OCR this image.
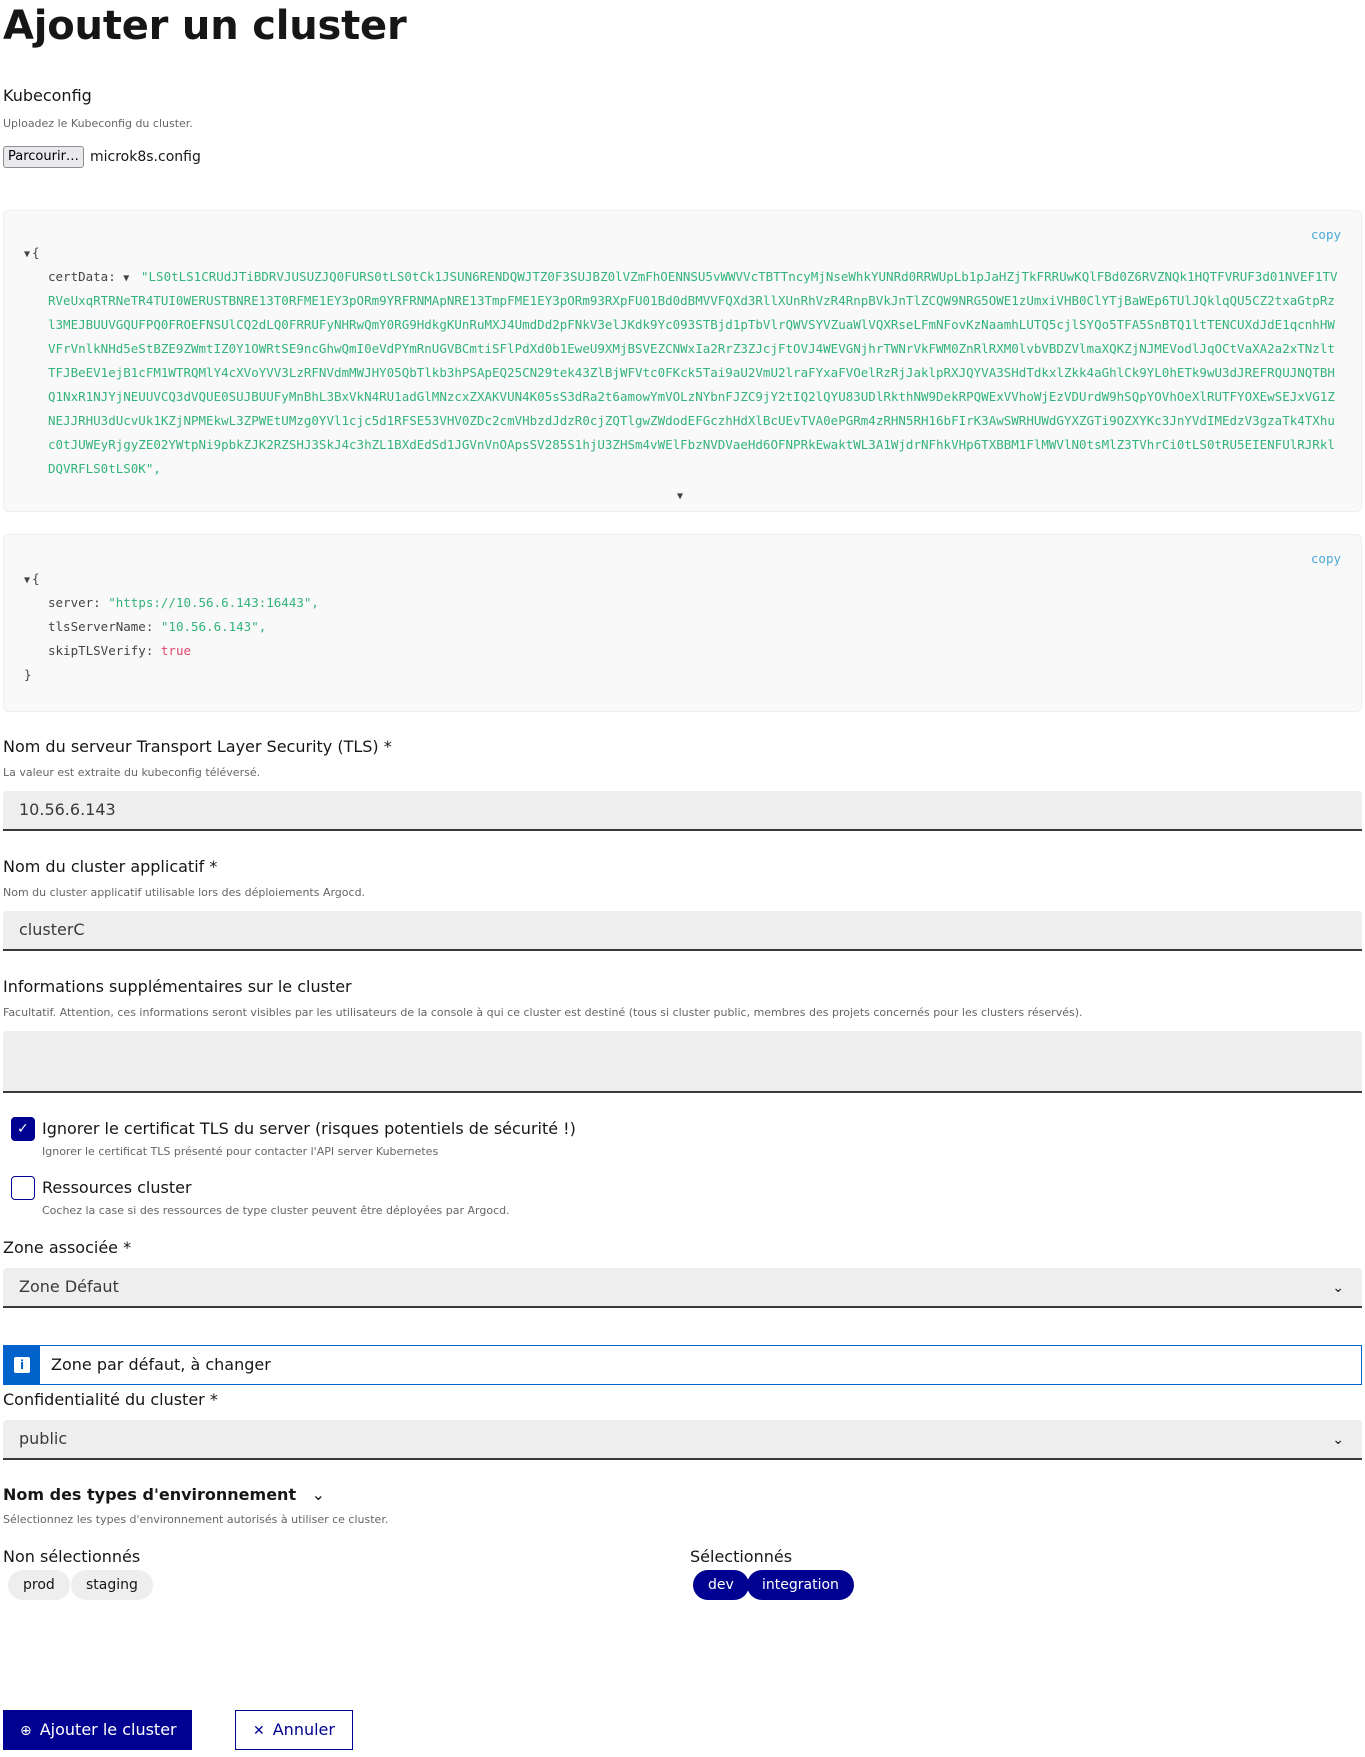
Ajouter un cluster
Kubeconfig
Uploadez le Kubeconfig du cluster.
Parcourir… microk8s.config
copy
▼ {
certData: ▼ "LS0tLS1CRUdJTiBDRVJUSUZJQ0FURS0tLS0tCk1JSUN6RENDQWJTZ0F3SUJBZ0lVZmFhOENNSU5vWWVVcTBTTncyMjNseWhkYUNRd0RRWUpLb1pJaHZjTkFRRUwKQlFBd0Z6RVZNQk1HQTFVRUF3d01NVEF1TVRVeUxqRTRNeTR4TUI0WERUSTBNRE13T0RFME1EY3pORm9YRFRNMApNRE13TmpFME1EY3pORm93RXpFU01Bd0dBMVVFQXd3RllXUnRhVzR4RnpBVkJnTlZCQW9NRG5OWE1zUmxiVHB0ClYTjBaWEp6TUlJQklqQU5CZ2txaGtpRzl3MEJBUUVGQUFPQ0FROEFNSUlCQ2dLQ0FRRUFyNHRwQmY0RG9HdkgKUnRuMXJ4UmdDd2pFNkV3elJKdk9Yc093STBjd1pTbVlrQWVSYVZuaWlVQXRseLFmNFovKzNaamhLUTQ5cjlSYQo5TFA5SnBTQ1ltTENCUXdJdE1qcnhHWVFrVnlkNHd5eStBZE9ZWmtIZ0Y1OWRtSE9ncGhwQmI0eVdPYmRnUGVBCmtiSFlPdXd0b1EweU9XMjBSVEZCNWxIa2RrZ3ZJcjFtOVJ4WEVGNjhrTWNrVkFWM0ZnRlRXM0lvbVBDZVlmaXQKZjNJMEVodlJqOCtVaXA2a2xTNzltTFJBeEV1ejB1cFM1WTRQMlY4cXVoYVV3LzRFNVdmMWJHY05QbTlkb3hPSApEQ25CN29tek43ZlBjWFVtc0FKck5Tai9aU2VmU2lraFYxaFVOelRzRjJaklpRXJQYVA3SHdTdkxlZkk4aGhlCk9YL0hETk9wU3dJREFRQUJNQTBHQ1NxR1NJYjNEUUVCQ3dVQUE0SUJBUUFyMnBhL3BxVkN4RU1adGlMNzcxZXAKVUN4K05sS3dRa2t6amowYmVOLzNYbnFJZC9jY2tIQ2lQYU83UDlRkthNW9DekRPQWExVVhoWjEzVDUrdW9hSQpYOVhOeXlRUTFYOXEwSEJxVG1ZNEJJRHU3dUcvUk1KZjNPMEkwL3ZPWEtUMzg0YVl1cjc5d1RFSE53VHV0ZDc2cmVHbzdJdzR0cjZQTlgwZWdodEFGczhHdXlBcUEvTVA0ePGRm4zRHN5RH16bFIrK3AwSWRHUWdGYXZGTi9OZXYKc3JnYVdIMEdzV3gzaTk4TXhuc0tJUWEyRjgyZE02YWtpNi9pbkZJK2RZSHJ3SkJ4c3hZL1BXdEdSd1JGVnVnOApsSV285S1hjU3ZHSm4vWElFbzNVDVaeHd6OFNPRkEwaktWL3A1WjdrNFhkVHp6TXBBM1FlMWVlN0tsMlZ3TVhrCi0tLS0tRU5EIENFUlRJRklDQVRFLS0tLS0K",
▼
copy
▼ {
server: "https://10.56.6.143:16443",
tlsServerName: "10.56.6.143",
skipTLSVerify: true
}
Nom du serveur Transport Layer Security (TLS) *
La valeur est extraite du kubeconfig téléversé.
10.56.6.143
Nom du cluster applicatif *
Nom du cluster applicatif utilisable lors des déploiements Argocd.
clusterC
Informations supplémentaires sur le cluster
Facultatif. Attention, ces informations seront visibles par les utilisateurs de la console à qui ce cluster est destiné (tous si cluster public, membres des projets concernés pour les clusters réservés).
✓
Ignorer le certificat TLS du server (risques potentiels de sécurité !)
Ignorer le certificat TLS présenté pour contacter l'API server Kubernetes
Ressources cluster
Cochez la case si des ressources de type cluster peuvent être déployées par Argocd.
Zone associée *
Zone Défaut	⌄
i	Zone par défaut, à changer
Confidentialité du cluster *
public	⌄
Nom des types d'environnement ⌄
Sélectionnez les types d'environnement autorisés à utiliser ce cluster.
Non sélectionnés
prod	staging
Sélectionnés
dev	integration
⊕ Ajouter le cluster	✕ Annuler
